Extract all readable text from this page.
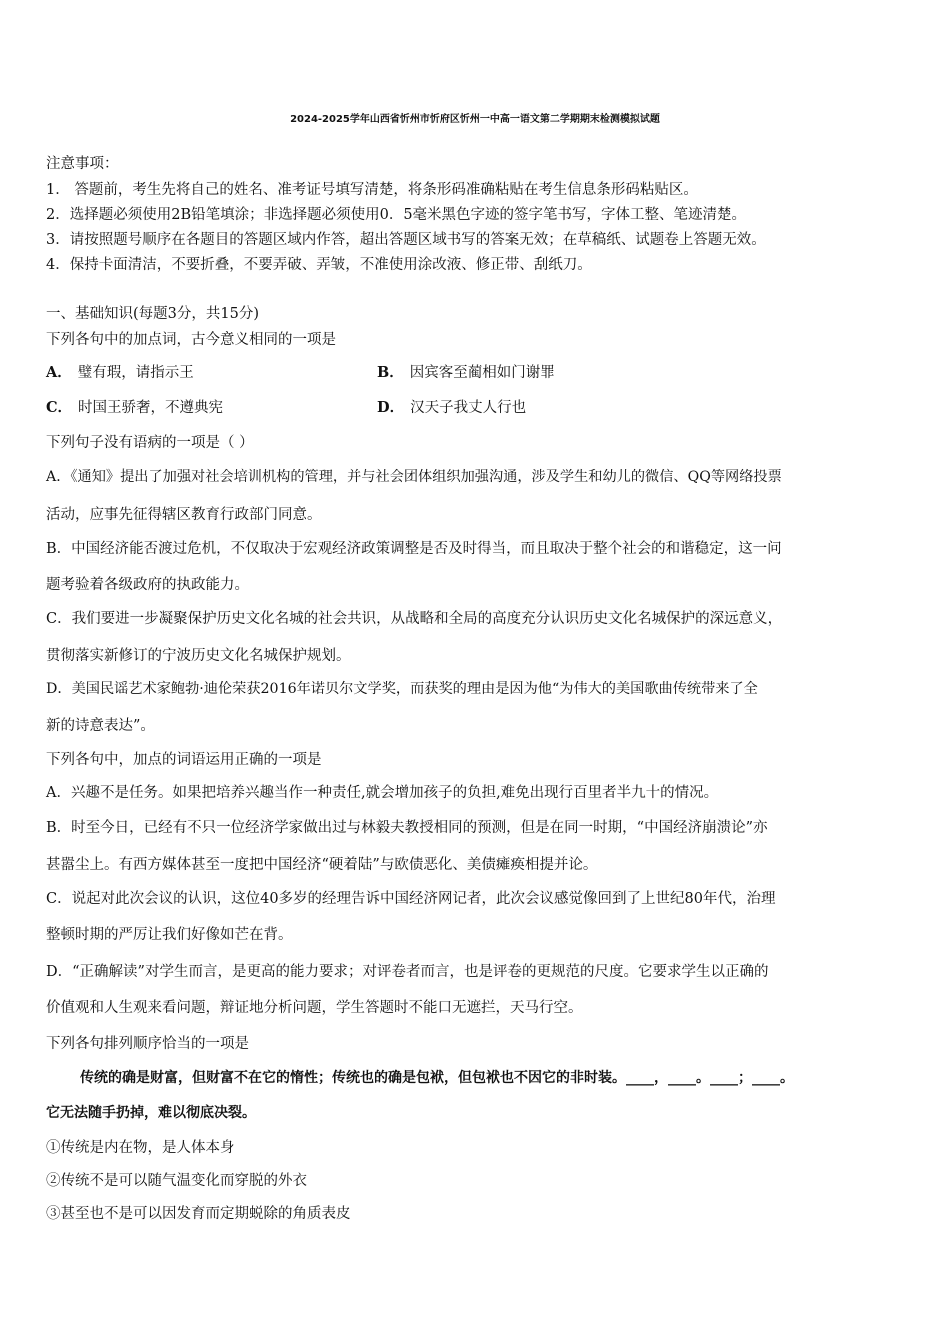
2024-2025学年山西省忻州市忻府区忻州一中高一语文第二学期期末检测模拟试题
注意事项：
1． 答题前，考生先将自己的姓名、准考证号填写清楚，将条形码准确粘贴在考生信息条形码粘贴区。
2．选择题必须使用2B铅笔填涂；非选择题必须使用0．5毫米黑色字迹的签字笔书写，字体工整、笔迹清楚。
3．请按照题号顺序在各题目的答题区域内作答，超出答题区域书写的答案无效；在草稿纸、试题卷上答题无效。
4．保持卡面清洁，不要折叠，不要弄破、弄皱，不准使用涂改液、修正带、刮纸刀。
一、基础知识(每题3分，共15分)
下列各句中的加点词，古今意义相同的一项是
A． 璧有瑕，请指示王	B． 因宾客至蔺相如门谢罪
C． 时国王骄奢，不遵典宪	D． 汉天子我丈人行也
下列句子没有语病的一项是（ ）
A．《通知》提出了加强对社会培训机构的管理，并与社会团体组织加强沟通，涉及学生和幼儿的微信、QQ等网络投票
活动，应事先征得辖区教育行政部门同意。
B．中国经济能否渡过危机，不仅取决于宏观经济政策调整是否及时得当，而且取决于整个社会的和谐稳定，这一问
题考验着各级政府的执政能力。
C．我们要进一步凝聚保护历史文化名城的社会共识，从战略和全局的高度充分认识历史文化名城保护的深远意义，
贯彻落实新修订的宁波历史文化名城保护规划。
D．美国民谣艺术家鲍勃·迪伦荣获2016年诺贝尔文学奖，而获奖的理由是因为他“为伟大的美国歌曲传统带来了全
新的诗意表达”。
下列各句中，加点的词语运用正确的一项是
A．兴趣不是任务。如果把培养兴趣当作一种责任,就会增加孩子的负担,难免出现行百里者半九十的情况。
B．时至今日，已经有不只一位经济学家做出过与林毅夫教授相同的预测，但是在同一时期，“中国经济崩溃论”亦
甚嚣尘上。有西方媒体甚至一度把中国经济“硬着陆”与欧债恶化、美债瘫痪相提并论。
C．说起对此次会议的认识，这位40多岁的经理告诉中国经济网记者，此次会议感觉像回到了上世纪80年代，治理
整顿时期的严厉让我们好像如芒在背。
D．“正确解读”对学生而言，是更高的能力要求；对评卷者而言，也是评卷的更规范的尺度。它要求学生以正确的
价值观和人生观来看问题，辩证地分析问题，学生答题时不能口无遮拦，天马行空。
下列各句排列顺序恰当的一项是
传统的确是财富，但财富不在它的惰性；传统也的确是包袱，但包袱也不因它的非时装。____，____。____；____。
它无法随手扔掉，难以彻底决裂。
①传统是内在物，是人体本身
②传统不是可以随气温变化而穿脱的外衣
③甚至也不是可以因发育而定期蜕除的角质表皮
